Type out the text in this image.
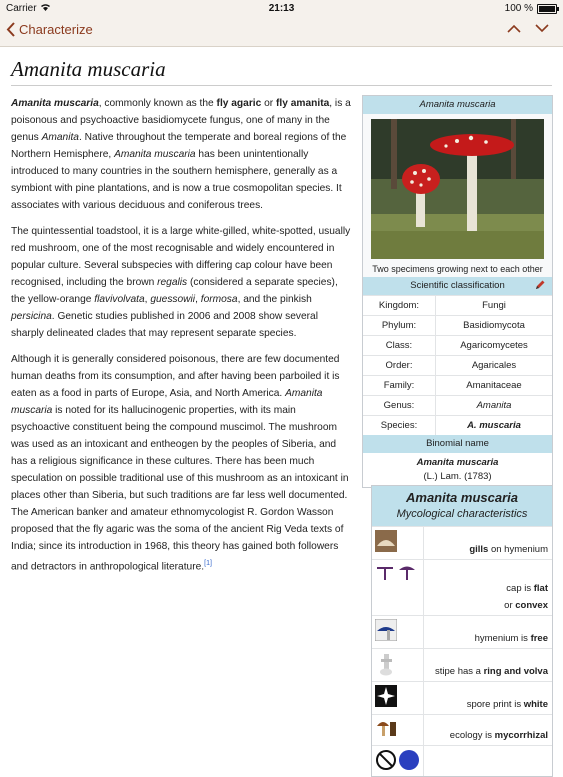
Carrier	21:13	100 %
Characterize
Amanita muscaria

Amanita muscaria, commonly known as the fly agaric or fly amanita, is a poisonous and psychoactive basidiomycete fungus, one of many in the genus Amanita. Native throughout the temperate and boreal regions of the Northern Hemisphere, Amanita muscaria has been unintentionally introduced to many countries in the southern hemisphere, generally as a symbiont with pine plantations, and is now a true cosmopolitan species. It associates with various deciduous and coniferous trees.

The quintessential toadstool, it is a large white-gilled, white-spotted, usually red mushroom, one of the most recognisable and widely encountered in popular culture. Several subspecies with differing cap colour have been recognised, including the brown regalis (considered a separate species), the yellow-orange flavivolvata, guessowii, formosa, and the pinkish persicina. Genetic studies published in 2006 and 2008 show several sharply delineated clades that may represent separate species.

Although it is generally considered poisonous, there are few documented human deaths from its consumption, and after having been parboiled it is eaten as a food in parts of Europe, Asia, and North America. Amanita muscaria is noted for its hallucinogenic properties, with its main psychoactive constituent being the compound muscimol. The mushroom was used as an intoxicant and entheogen by the peoples of Siberia, and has a religious significance in these cultures. There has been much speculation on possible traditional use of this mushroom as an intoxicant in places other than Siberia, but such traditions are far less well documented. The American banker and amateur ethnomycologist R. Gordon Wasson proposed that the fly agaric was the soma of the ancient Rig Veda texts of India; since its introduction in 1968, this theory has gained both followers and detractors in anthropological literature.[1]

Amanita muscaria
Two specimens growing next to each other
Scientific classification
Kingdom:	Fungi
Phylum:	Basidiomycota
Class:	Agaricomycetes
Order:	Agaricales
Family:	Amanitaceae
Genus:	Amanita
Species:	A. muscaria
Binomial name
Amanita muscaria
(L.) Lam. (1783)
Amanita muscaria
Mycological characteristics
gills on hymenium
cap is flat
or convex
hymenium is free
stipe has a ring and volva
spore print is white
ecology is mycorrhizal
